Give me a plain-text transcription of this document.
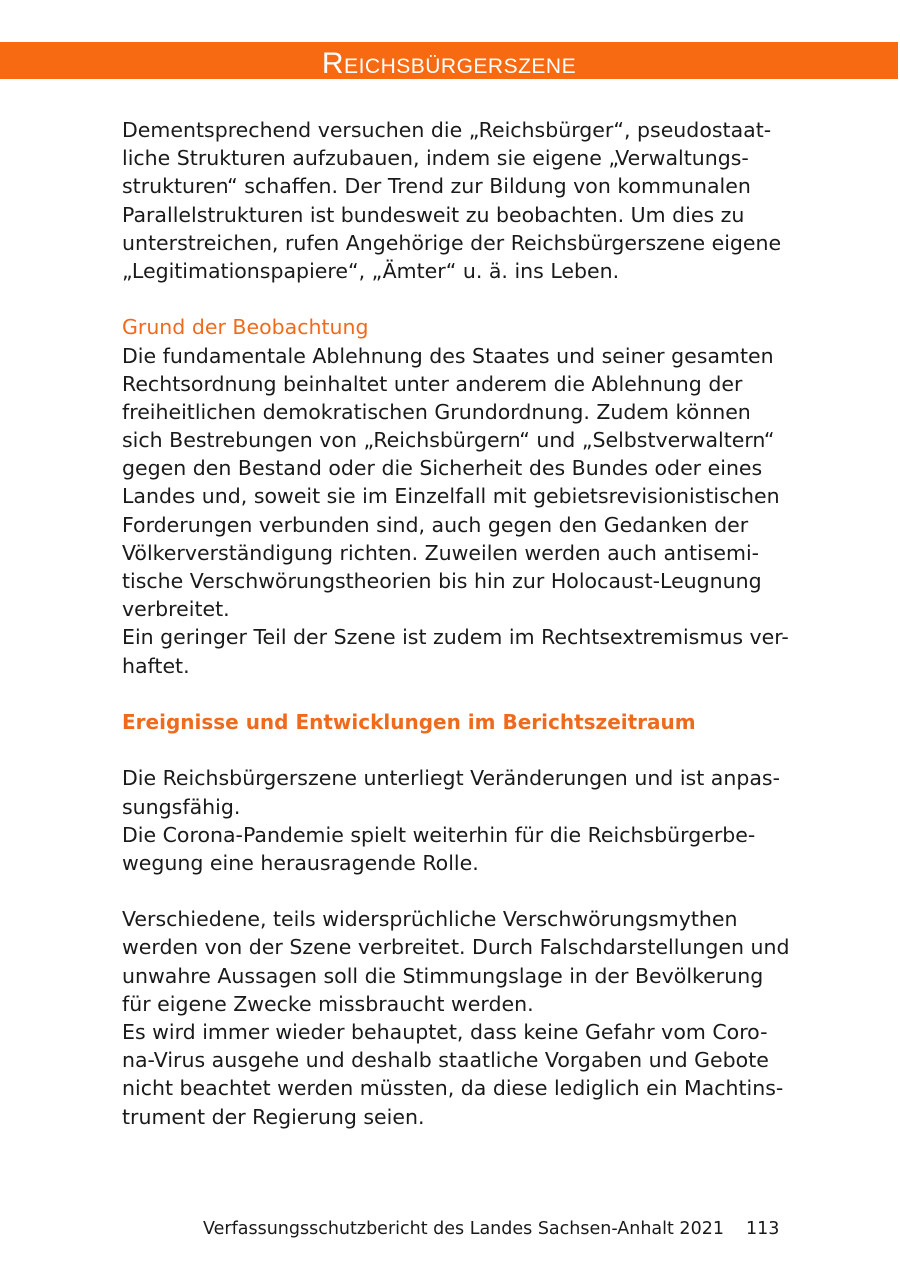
Reichsbürgerszene
Dementsprechend versuchen die „Reichsbürger“, pseudostaat-
liche Strukturen aufzubauen, indem sie eigene „Verwaltungs-
strukturen“ schaffen. Der Trend zur Bildung von kommunalen
Parallelstrukturen ist bundesweit zu beobachten. Um dies zu
unterstreichen, rufen Angehörige der Reichsbürgerszene eigene
„Legitimationspapiere“, „Ämter“ u. ä. ins Leben.
Grund der Beobachtung
Die fundamentale Ablehnung des Staates und seiner gesamten
Rechtsordnung beinhaltet unter anderem die Ablehnung der
freiheitlichen demokratischen Grundordnung. Zudem können
sich Bestrebungen von „Reichsbürgern“ und „Selbstverwaltern“
gegen den Bestand oder die Sicherheit des Bundes oder eines
Landes und, soweit sie im Einzelfall mit gebietsrevisionistischen
Forderungen verbunden sind, auch gegen den Gedanken der
Völkerverständigung richten. Zuweilen werden auch antisemi-
tische Verschwörungstheorien bis hin zur Holocaust-Leugnung
verbreitet.
Ein geringer Teil der Szene ist zudem im Rechtsextremismus ver-
haftet.
Ereignisse und Entwicklungen im Berichtszeitraum
Die Reichsbürgerszene unterliegt Veränderungen und ist anpas-
sungsfähig.
Die Corona-Pandemie spielt weiterhin für die Reichsbürgerbe-
wegung eine herausragende Rolle.
Verschiedene, teils widersprüchliche Verschwörungsmythen
werden von der Szene verbreitet. Durch Falschdarstellungen und
unwahre Aussagen soll die Stimmungslage in der Bevölkerung
für eigene Zwecke missbraucht werden.
Es wird immer wieder behauptet, dass keine Gefahr vom Coro-
na-Virus ausgehe und deshalb staatliche Vorgaben und Gebote
nicht beachtet werden müssten, da diese lediglich ein Machtins-
trument der Regierung seien.
Verfassungsschutzbericht des Landes Sachsen-Anhalt 2021 113
